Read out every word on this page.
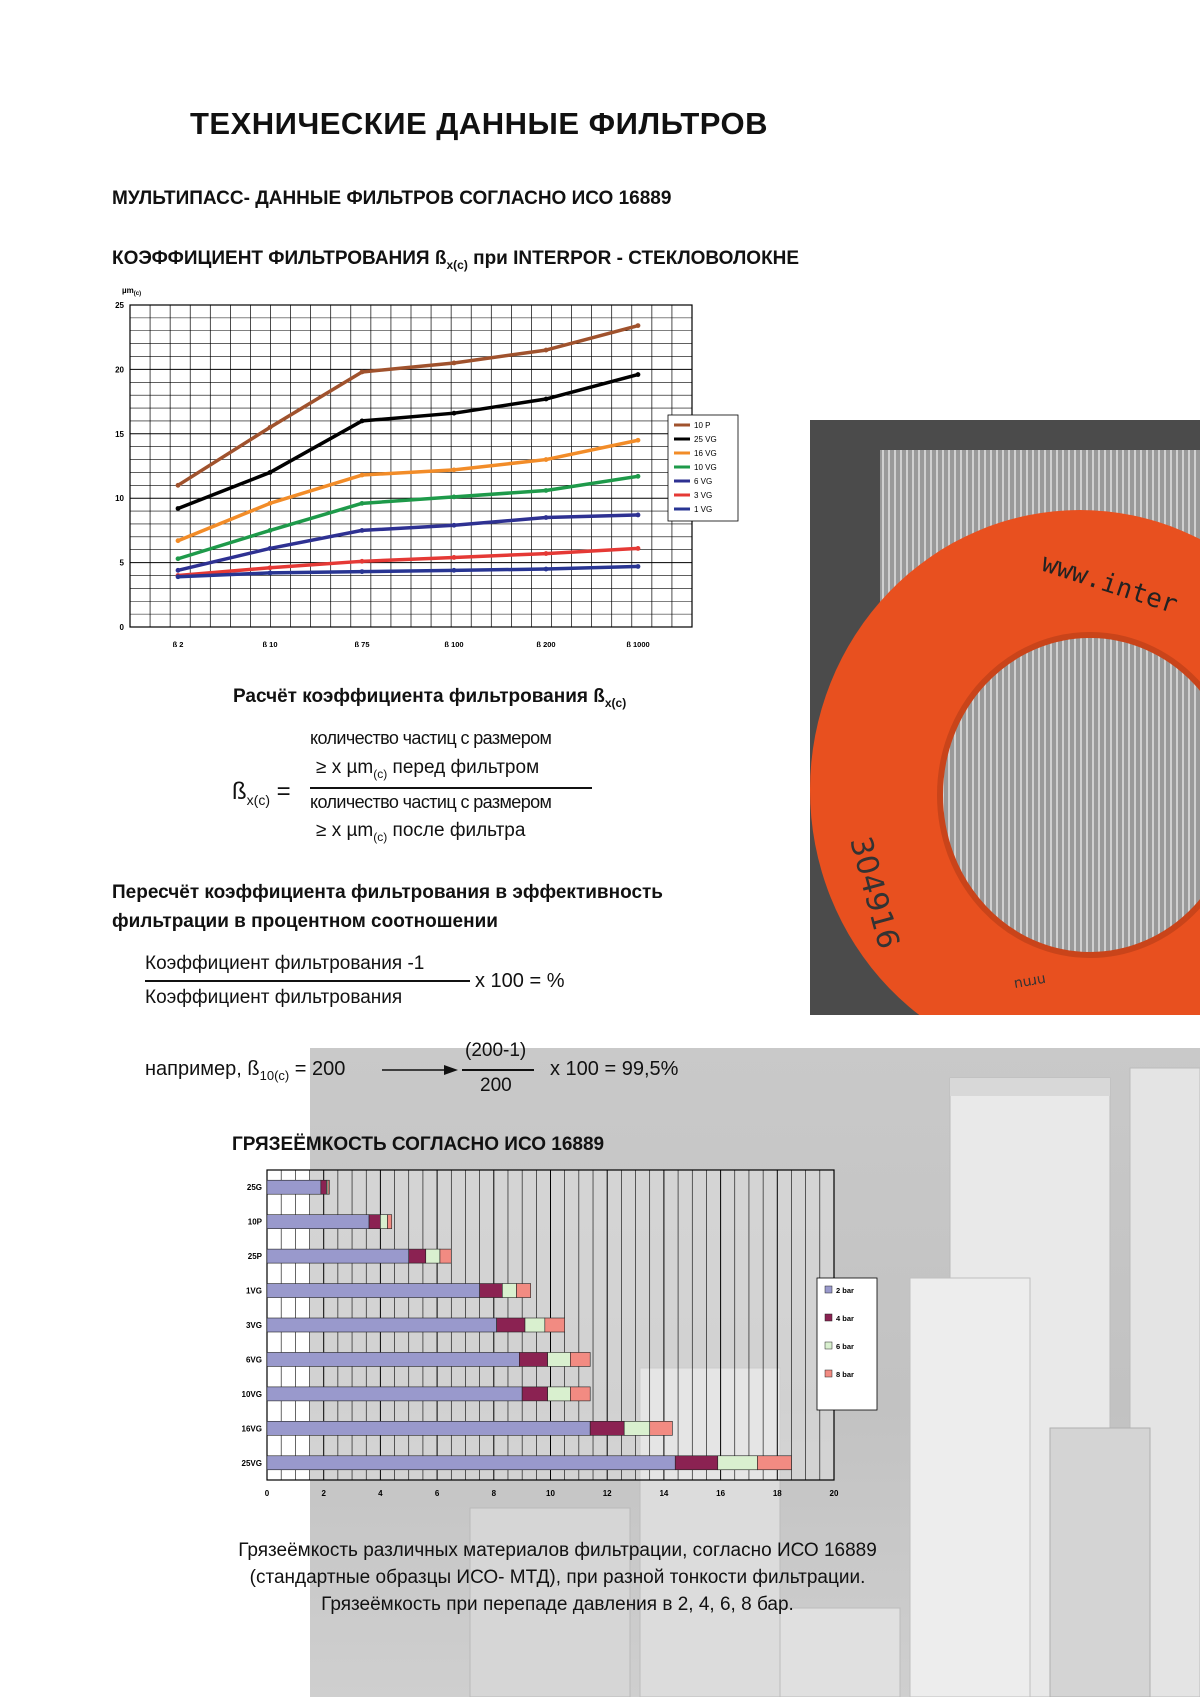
www.inter
304916
nrnu
ТЕХНИЧЕСКИЕ ДАННЫЕ ФИЛЬТРОВ
МУЛЬТИПАСС- ДАННЫЕ ФИЛЬТРОВ СОГЛАСНО ИСО 16889
КОЭФФИЦИЕНТ ФИЛЬТРОВАНИЯ $ß_{x(c)}$ при INTERPOR - СТЕКЛОВОЛОКНЕ
0
5
10
15
20
25
µm$_{(c)}$
ß 2	ß 10	ß 75	ß 100	ß 200	ß 1000
10 P
25 VG
16 VG
10 VG
6 VG
3 VG
1 VG
Расчёт коэффициента фильтрования $ß_{x(c)}$
$ß_{x(c)}$ =
количество частиц с размером
≥ x µm$_{(c)}$ перед фильтром
количество частиц с размером
≥ x µm$_{(c)}$ после фильтра
Пересчёт коэффициента фильтрования в эффективность
фильтрации в процентном соотношении
Коэффициент фильтрования -1
Коэффициент фильтрования
x 100 = %
например, $ß_{10(c)} = 200$
(200-1)
200
x 100 = 99,5%
ГРЯЗЕЁМКОСТЬ СОГЛАСНО ИСО 16889
0	2	4	6	8	10	12	14	16	18	20
25G
10P
25P
1VG
3VG
6VG
10VG
16VG
25VG
2 bar
4 bar
6 bar
8 bar
Грязеёмкость различных материалов фильтрации, согласно ИСО 16889
(стандартные образцы ИСО- МТД), при разной тонкости фильтрации.
Грязеёмкость при перепаде давления в 2, 4, 6, 8 бар.
